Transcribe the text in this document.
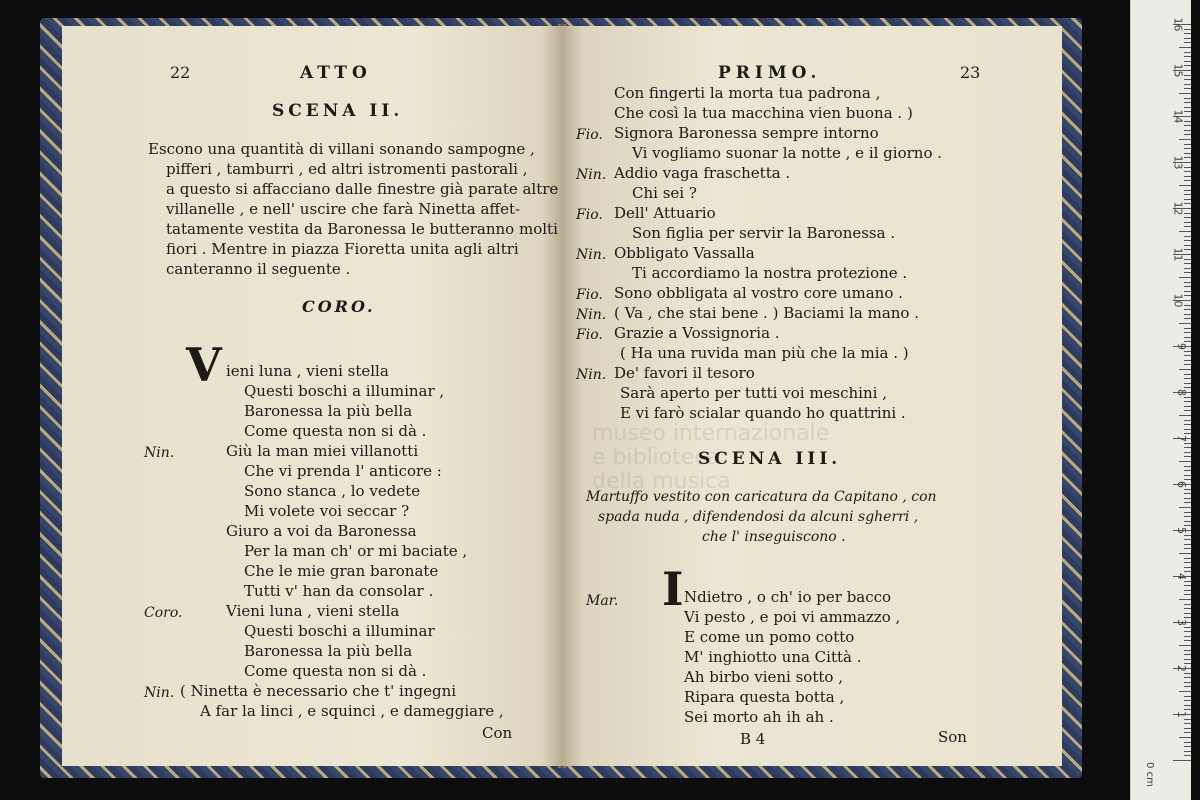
22	ATTO
SCENA II.
Escono una quantità di villani sonando sampogne ,
pifferi , tamburri , ed altri istromenti pastorali ,
a questo si affacciano dalle finestre già parate altre
villanelle , e nell' uscire che farà Ninetta affet-
tatamente vestita da Baronessa le butteranno molti
fiori . Mentre in piazza Fioretta unita agli altri
canteranno il seguente .
CORO.
V ieni luna , vieni stella
Questi boschi a illuminar ,
Baronessa la più bella
Come questa non si dà .
Nin.	Giù la man miei villanotti
Che vi prenda l' anticore :
Sono stanca , lo vedete
Mi volete voi seccar ?
Giuro a voi da Baronessa
Per la man ch' or mi baciate ,
Che le mie gran baronate
Tutti v' han da consolar .
Coro.	Vieni luna , vieni stella
Questi boschi a illuminar
Baronessa la più bella
Come questa non si dà .
Nin. ( Ninetta è necessario che t' ingegni
A far la linci , e squinci , e dameggiare ,
Con
museo internazionale
e biblioteca
della musica
PRIMO.	23
Con fingerti la morta tua padrona ,
Che così la tua macchina vien buona . )
Fio. Signora Baronessa sempre intorno
Vi vogliamo suonar la notte , e il giorno .
Nin. Addio vaga fraschetta .
Chi sei ?
Fio. Dell' Attuario
Son figlia per servir la Baronessa .
Nin. Obbligato Vassalla
Ti accordiamo la nostra protezione .
Fio. Sono obbligata al vostro core umano .
Nin. ( Va , che stai bene . ) Baciami la mano .
Fio. Grazie a Vossignoria .
( Ha una ruvida man più che la mia . )
Nin. De' favori il tesoro
Sarà aperto per tutti voi meschini ,
E vi farò scialar quando ho quattrini .
SCENA III.
Martuffo vestito con caricatura da Capitano , con
spada nuda , difendendosi da alcuni sgherri ,
che l' inseguiscono .
Mar. I Ndietro , o ch' io per bacco
Vi pesto , e poi vi ammazzo ,
E come un pomo cotto
M' inghiotto una Città .
Ah birbo vieni sotto ,
Ripara questa botta ,
Sei morto ah ih ah .
B 4	Son
0 cm
1
2
3
4
5
6
7
8
9
10
11
12
13
14
15
16
